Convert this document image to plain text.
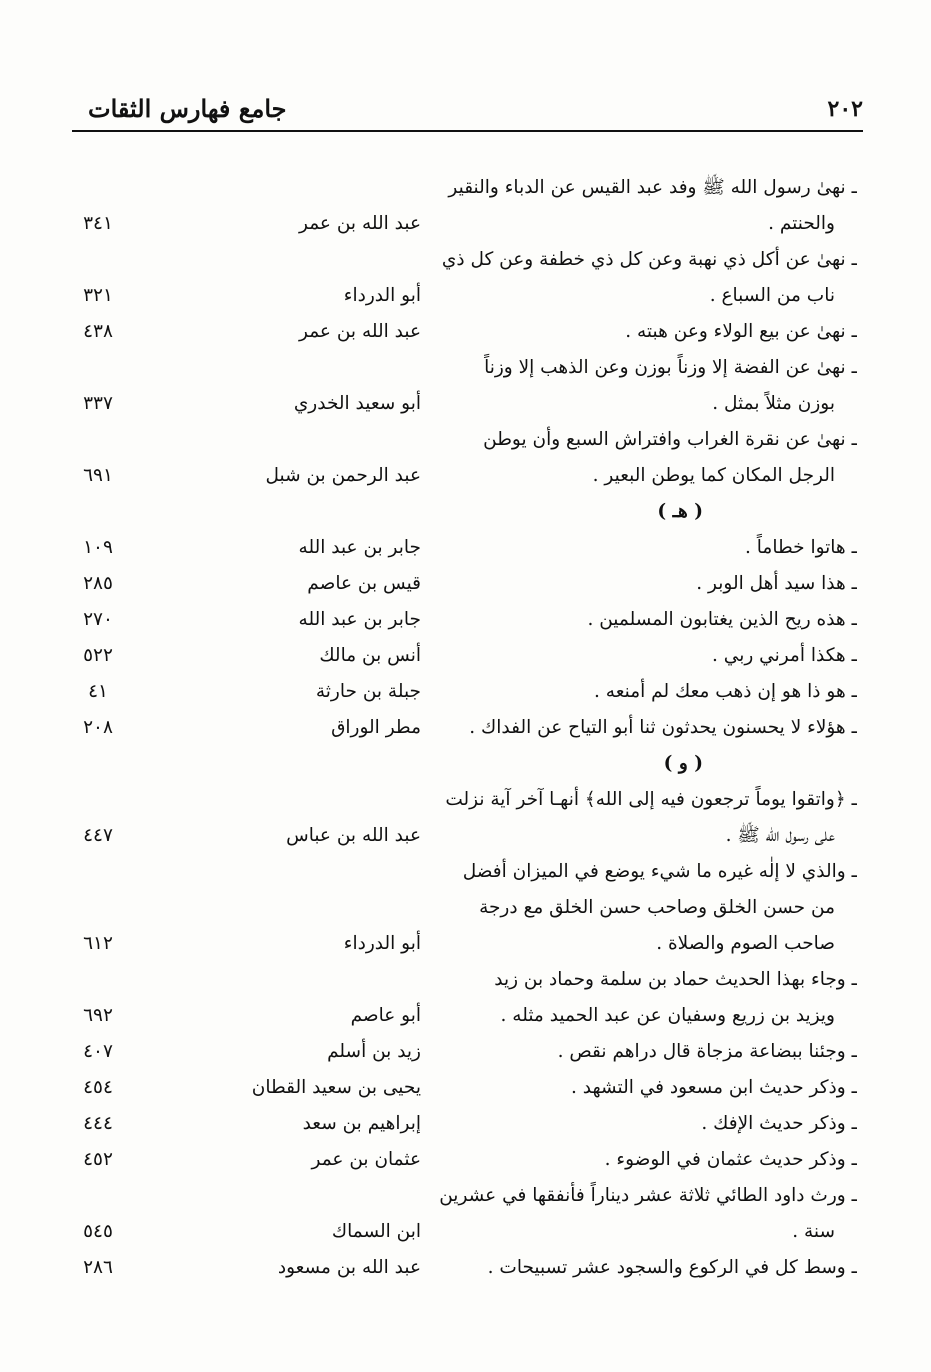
٢٠٢
جامع فهارس الثقات
ـ نهىٰ رسول الله ﷺ وفد عبد القيس عن الدباء والنقير
والحنتم .
عبد الله بن عمر
٣٤١
ـ نهىٰ عن أكل ذي نهبة وعن كل ذي خطفة وعن كل ذي
ناب من السباع .
أبو الدرداء
٣٢١
ـ نهىٰ عن بيع الولاء وعن هبته .
عبد الله بن عمر
٤٣٨
ـ نهىٰ عن الفضة إلا وزناً بوزن وعن الذهب إلا وزناً
بوزن مثلاً بمثل .
أبو سعيد الخدري
٣٣٧
ـ نهىٰ عن نقرة الغراب وافتراش السبع وأن يوطن
الرجل المكان كما يوطن البعير .
عبد الرحمن بن شبل
٦٩١
( هـ )
ـ هاتوا خطاماً .
جابر بن عبد الله
١٠٩
ـ هذا سيد أهل الوبر .
قيس بن عاصم
٢٨٥
ـ هذه ريح الذين يغتابون المسلمين .
جابر بن عبد الله
٢٧٠
ـ هكذا أمرني ربي .
أنس بن مالك
٥٢٢
ـ هو ذا هو إن ذهب معك لم أمنعه .
جبلة بن حارثة
٤١
ـ هؤلاء لا يحسنون يحدثون ثنا أبو التياح عن الفداك .
مطر الوراق
٢٠٨
( و )
ـ ﴿واتقوا يوماً ترجعون فيه إلى الله﴾ أنهـا آخر آية نزلت
على رسول الله ﷺ .
عبد الله بن عباس
٤٤٧
ـ والذي لا إلٰه غيره ما شيء يوضع في الميزان أفضل
من حسن الخلق وصاحب حسن الخلق مع درجة
صاحب الصوم والصلاة .
أبو الدرداء
٦١٢
ـ وجاء بهذا الحديث حماد بن سلمة وحماد بن زيد
ويزيد بن زريع وسفيان عن عبد الحميد مثله .
أبو عاصم
٦٩٢
ـ وجئنا ببضاعة مزجاة قال دراهم نقص .
زيد بن أسلم
٤٠٧
ـ وذكر حديث ابن مسعود في التشهد .
يحيى بن سعيد القطان
٤٥٤
ـ وذكر حديث الإفك .
إبراهيم بن سعد
٤٤٤
ـ وذكر حديث عثمان في الوضوء .
عثمان بن عمر
٤٥٢
ـ ورث داود الطائي ثلاثة عشر ديناراً فأنفقها في عشرين
سنة .
ابن السماك
٥٤٥
ـ وسط كل في الركوع والسجود عشر تسبيحات .
عبد الله بن مسعود
٢٨٦
